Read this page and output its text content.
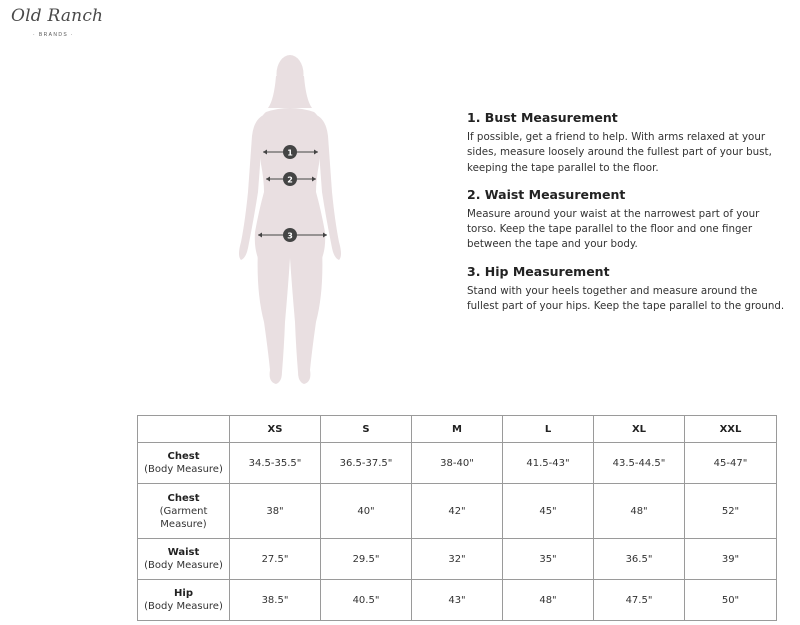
Old Ranch
· BRANDS ·
1
2
3
1. Bust Measurement

If possible, get a friend to help. With arms relaxed at your sides, measure loosely around the fullest part of your bust, keeping the tape parallel to the floor.

2. Waist Measurement

Measure around your waist at the narrowest part of your torso. Keep the tape parallel to the floor and one finger between the tape and your body.

3. Hip Measurement

Stand with your heels together and measure around the fullest part of your hips. Keep the tape parallel to the ground.

	XS	S	M	L	XL	XXL

Chest
(Body Measure)	34.5-35.5"	36.5-37.5"	38-40"	41.5-43"	43.5-44.5"	45-47"

Chest
(Garment Measure)	38"	40"	42"	45"	48"	52"

Waist
(Body Measure)	27.5"	29.5"	32"	35"	36.5"	39"

Hip
(Body Measure)	38.5"	40.5"	43"	48"	47.5"	50"
